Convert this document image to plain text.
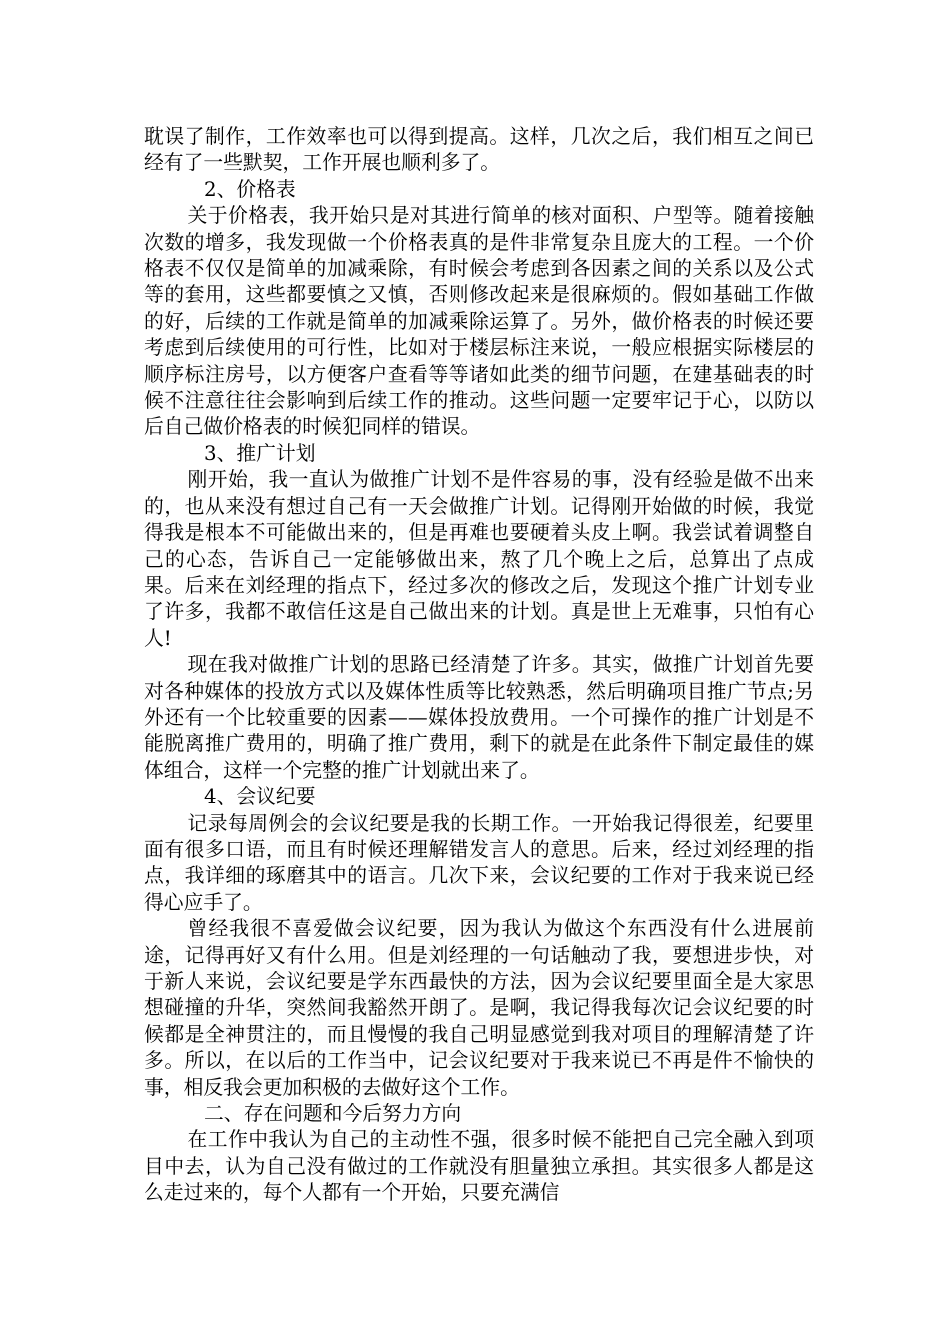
耽误了制作，工作效率也可以得到提高。这样，几次之后，我们相互之间已经有了一些默契，工作开展也顺利多了。

2、价格表

关于价格表，我开始只是对其进行简单的核对面积、户型等。随着接触次数的增多，我发现做一个价格表真的是件非常复杂且庞大的工程。一个价格表不仅仅是简单的加减乘除，有时候会考虑到各因素之间的关系以及公式等的套用，这些都要慎之又慎，否则修改起来是很麻烦的。假如基础工作做的好，后续的工作就是简单的加减乘除运算了。另外，做价格表的时候还要考虑到后续使用的可行性，比如对于楼层标注来说，一般应根据实际楼层的顺序标注房号，以方便客户查看等等诸如此类的细节问题，在建基础表的时候不注意往往会影响到后续工作的推动。这些问题一定要牢记于心，以防以后自己做价格表的时候犯同样的错误。

3、推广计划

刚开始，我一直认为做推广计划不是件容易的事，没有经验是做不出来的，也从来没有想过自己有一天会做推广计划。记得刚开始做的时候，我觉得我是根本不可能做出来的，但是再难也要硬着头皮上啊。我尝试着调整自己的心态，告诉自己一定能够做出来，熬了几个晚上之后，总算出了点成果。后来在刘经理的指点下，经过多次的修改之后，发现这个推广计划专业了许多，我都不敢信任这是自己做出来的计划。真是世上无难事，只怕有心人!

现在我对做推广计划的思路已经清楚了许多。其实，做推广计划首先要对各种媒体的投放方式以及媒体性质等比较熟悉，然后明确项目推广节点;另外还有一个比较重要的因素——媒体投放费用。一个可操作的推广计划是不能脱离推广费用的，明确了推广费用，剩下的就是在此条件下制定最佳的媒体组合，这样一个完整的推广计划就出来了。

4、会议纪要

记录每周例会的会议纪要是我的长期工作。一开始我记得很差，纪要里面有很多口语，而且有时候还理解错发言人的意思。后来，经过刘经理的指点，我详细的琢磨其中的语言。几次下来，会议纪要的工作对于我来说已经得心应手了。

曾经我很不喜爱做会议纪要，因为我认为做这个东西没有什么进展前途，记得再好又有什么用。但是刘经理的一句话触动了我，要想进步快，对于新人来说，会议纪要是学东西最快的方法，因为会议纪要里面全是大家思想碰撞的升华，突然间我豁然开朗了。是啊，我记得我每次记会议纪要的时候都是全神贯注的，而且慢慢的我自己明显感觉到我对项目的理解清楚了许多。所以，在以后的工作当中，记会议纪要对于我来说已不再是件不愉快的事，相反我会更加积极的去做好这个工作。

二、存在问题和今后努力方向

在工作中我认为自己的主动性不强，很多时候不能把自己完全融入到项目中去，认为自己没有做过的工作就没有胆量独立承担。其实很多人都是这么走过来的，每个人都有一个开始，只要充满信
